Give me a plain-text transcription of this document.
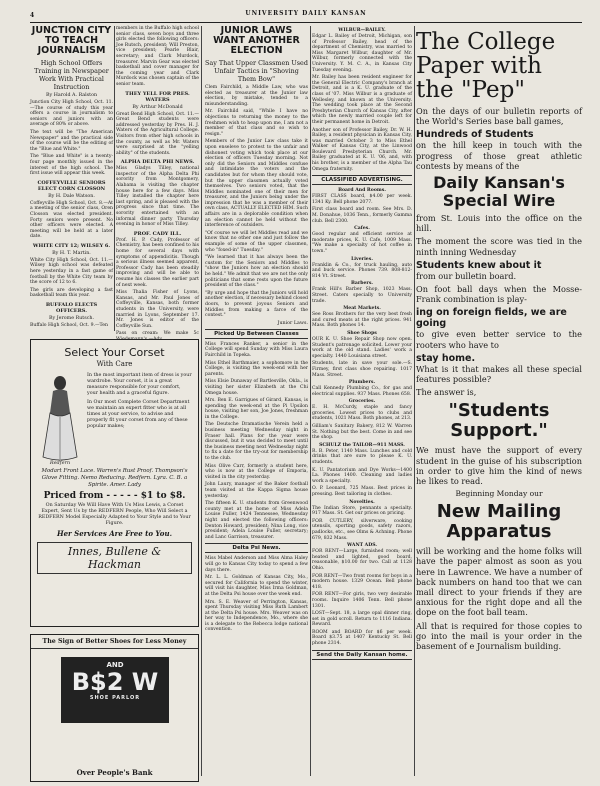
4	UNIVERSITY DAILY KANSAN
JUNCTION CITY TO TEACH JOURNALISM
High School Offers Training in Newspaper Work With Practical Instruction
By Harold A. Ralston

Junction City High School, Oct. 11.—The course of study this year offers a course in journalism to seniors and juniors with an average of 80% or above.

The text will be "The American Newspaper" and the practical side of the course will be the editing of the "Blue and White."

The "Blue and White" is a twenty-four page monthly issued in the interest of the high school. The first issue will appear this week.

COFFEYVILLE SENIORS ELECT CORN CLOSSON
By H. Dale Watson.

Coffeyville High School, Oct. 8.—At a meeting of the senior class, Oren Closson was elected president. Forty seniors were present. No other officers were elected. A meeting will be held at a later date.

WHITE CITY 12; WILSEY 6.
By H. T. Martin.

White City High School, Oct. 11.—Wilsey high school was defeated here yesterday in a fast game of football by the White City team by the score of 12 to 6.

The girls are developing a fast basketball team this year.

BUFFALO ELECTS OFFICERS.
By Jerome Rutsch.

Buffalo High School, Oct. 9.—Ten

members in the Buffalo high school senior class, seven boys and three girls elected the following officers: Joe Rutsch, president; Will Preston, vice president; Pearle Blair, secretary; and Clark Murdock, treasurer. Marvin Gear was elected basketball and cover manager for the coming year and Clark Murdock was chosen captain of the senior team.

THEY YELL FOR PRES. WATERS
By Arthur McDonald

Great Bend High School, Oct. 11.—Great Bend students were addressed yesterday by Pres. H. J. Waters of the Agricultural College. Visitors from other high schools in the county, as well as Mr. Waters were surprised at the "yelling ability" of the students.

ALPHA DELTA PHI NEWS.

Miss Gladys Tilley, national inspector of the Alpha Delta Phi sorority from Montgomery, Alabama is visiting the chapter house here for a few days. Miss Tilley installed the chapter here last spring, and is pleased with the progress since that time. The sorority entertained with an informal dinner party Thursday evening in honor of Miss Tilley.

PROF. CADY ILL.

Prof. H. P. Cady, Professor of Chemistry, has been confined to his home for several days with symptoms of appendicitis. Though a serious illness seemed apparent, Professor Cady has been steadily improving and will be able to resume his classes the earlier part of next week.

Miss Thalia Fisher of Lyons, Kansas, and Mr. Paul Jones of Coffeyville, Kansas, both former students in the University, were married in Lyons, September 17. Mr. Jones is editor of the Coffeyville Sun.

Pass on cream: We make 5c

Select Your Corset
With Care
Redfern

In the most important item of dress is your wardrobe. Your corset, it is a great measure responsible for your comfort, your health and a graceful figure.

In Our most Complete Corset Department we maintain an expert fitter who is at all times at your service, to advise and properly fit your corset from any of these popular makes;

Modart Front Lace. Warren's Rust Proof. Thompson's Glove Fitting. Nemo Reducing. Redfern. Lyra. C. B. a Spirite. Amer. Lady
Priced from - - - - - $1 to $8.
On Saturday We Will Have With Us Miss Lewis, a Corset Expert, Sent Us by the REDFERN People, Who Will Select a REDFERN Model Especially Adapted to Your Style and to Your Figure.
Her Services Are Free to You.
Innes, Bullene & Hackman
The Sign of Better Shoes for Less Money
AND
B$2 W
SHOE PARLOR
Over People's Bank
JUNIOR LAWS WANT ANOTHER ELECTION
Say That Upper Classmen Used Unfair Tactics in "Shoving Them Bow"

Clem Fairchild, a Middle Law, who was elected as treasurer at the Junior law election, by mistake, tended to a misunderstanding.

Mr. Fairchild said, "While I have no objections to returning the money to the freshmen wish to heap upon me, I am not a member of that class and so wish to resign."

Members of the Junior Law class take it upon enseleve to protest to the unfair and dishonest voting which took place at our election of officers Tuesday morning. Not only did the Seniors and Middles confuse and intimidate the voters and the candidates but for whom they should vote, but the upper classmen actually voted themselves. Two seniors voted, that the Middles nominated one of their men for treasurer, and the Juniors being under the impression that he was a member of their own class, ACTUALLY ELECTED HIM. Such affairs are in a deplorable condition when an election cannot be held without the interference of outsiders.

"Of course we will let Middles read and we know that no other one and just follow the example of some of the upper classmen, who "foxed-in" Tuesday."

"We learned that it has always been the custom for the Seniors and Middles to "show the Juniors how an election should be held." We admit that we are not the only politicians that some rests upon the future president of the class."

"By urge and hope that the Juniors will hold another election, if necessary behind closed doors, to prevent joyous Seniors and Middles from making a farce of the contest."

Junior Laws.
Picked Up Between Classes

Miss Frances Ranker, a senior in the College will spend Sunday with Miss Laura Fairchild in Topeka.

Miss Ethel Barthmaier, a sophomore in the College, is visiting the week-end with her parents.

Miss Elsie Dunaway of Bartlesville, Okla., is visiting her sister Elizabeth at the Chi Omega house.

Mrs. Ben E. Garrigues of Girard, Kansas, is spending the week-end at the Pi Upsilon house, visiting her son, Joe Jones, freshman in the College.

The Deutsche Dramatische Verein held a business meeting Wednesday night in Fraser hall. Plans for the year were discussed, but it was decided to meet until the business meeting next Wednesday night to fix a date for the try-out for membership to the club.

Miss Olive Carr, formerly a student here, who is now at the College of Emporia, visited in the city yesterday.

John Laury, manager of the Baker football team visited at the Kappa Sigma house yesterday.

The fifteen K. U. students from Greenwood county met at the home of Miss Adela Louise Fuller, 1424 Tennessee, Wednesday night and elected the following officers: Denton Howard, president; Nina Long, vice president; Adela Louise Fuller, secretary; and Lanc Garrison, treasurer.

Delta Psi News.

Miss Mabel Anderson and Miss Alma Haley will go to Kansas City today to spend a few days there.

Mr. L. L. Goldman of Kansas City, Mo., secured for California to spend the winter, will visit his daughter, Miss Irma Goldman, at the Delta Psi house over the week end.

Mrs. S. E. Weaver of Perrington, Kansas, spent Thursday visiting Miss Ruth Lambert at the Delta Psi house. Mrs. Weaver was on her way to Independence, Mo., where she is a delegate to the Rebecca lodge national convention.

WILBUR—BAILEY.

Edgar L. Bailey of Detroit, Michigan, son of Professor Bailey, head of the department of Chemistry, was married to Miss Margaret Wilbur, daughter of Mr. Wilbur, formerly connected with the University. Y. M. C. A., in Kansas City Tuesday evening.

Mr. Bailey has been resident engineer for the General Electric Company's branch at Detroit, and is a K. U. graduate of the class of '07. Miss Wilbur is a graduate of Wellesley, and known at the University. The wedding took place at the Second Presbyterian Church of Kansas City, after which the newly married couple left for their permanent home in Detroit.

Another son of Professor Bailey, Dr. W. H. Bailey, a resident physician in Kansas City, was married October 3 to Miss Ethel Walker of Kansas City, at the Linwood Boulevard Presbyterian Church. Mr. Bailey graduated at K. U. '06, and, with his brother, is a member of the Alpha Tau Omega fraternity.

CLASSIFIED ADVERTISING.
Board And Rooms.

FIRST CLASS board, $4.00 per week. 1341 Ky. Bell phone 2077.

First class board and room. See Mrs. D. M. Donahue, 1036 Tenn., formerly Gamma club. Bell 2300.

Cafes.

Good regular and efficient service at moderate prices, K. U. Cafe, 1009 Mass. "We make a specialty of hot coffee in town."

Liveries.

Franklin & Co., for truck hauling, auto and buck service. Phones 739. 808-812-814 Vt. Street.

Barbers.

Frank Hill's Barber Shop, 1023 Mass. Street. Caters specially to University trade.

Meat Markets.

See Ross Brothers for the very best fresh and cured meats at the right prices. 941 Mass. Both phones 14.

Shoe Shops

OUR K. U. Shoe Repair Shop now open. Student's patronage solicited. Lower your work at the old stand. Ladies' work a specialty. 1440 Louisiana street.

Students, late in save your sole.—S. Firmey, first class shoe repairing. 1017 Mass. Street.

Plumbers.

Call Kennedy Plumbing Co., for gas and electrical supplies. 937 Mass. Phones 658.

Groceries.

E. H. McCurdy, staple and fancy groceries. Lowest prices to clubs and students, 1021 Mass. Both phones, at 213.

Gilliam's Sanitary Bakery, 812 W. Warren St. Nothing but the best. Come in and see the shop.

SCHULZ the TAILOR—911 MASS.

R. B. Peter, 1140 Mass. Lunches and cold drinks that are sure to please K. U. students.

K. U. Pantatorium and Dye Works—1400 La. Phones 1400. Cleaning and ladies work a specialty.

O. P. Leonard, 725 Mass. Best prices in pressing. Best tailoring in clothes.

Novelties.

The Indian Store, pennants a specialty. 917 Mass. St. Get our prices on pricing.

FOR CUTLERY, silverware, cooking utensils, sporting goods, safety razors, padlocks, etc., see Olms & Achning. Phone 679, 832 Mass.

WANT ADS.

FOR RENT—Large, furnished room; well heated and lighted, good board, reasonable, $10.00 for two. Call at 1128 Ohio.

FOR RENT—Two front rooms for boys in a modern house. 1329 Ocean. Bell phone 418.

FOR RENT—For girls, two very desirable rooms. Inquire 1406 Tenn. Bell phone 1301.

LOST—Sept. 18, a large opal dinner ring, set in gold scroll. Return to 1116 Indiana. Reward.

ROOM and BOARD for $6 per week. Board $3.75 at 1407 Kentucky St. Bell phone 2314.

Send the Daily Kansan home.
The College Paper with the "Pep"

On the days of our bulletin reports of the World's Series base ball games,

Hundreds of Students

on the hill keep in touch with the progress of those great athletic contests by means of the

Daily Kansan's Special Wire

from St. Louis into the office on the hill.

The moment the score was tied in the ninth inning Wednesday

Students knew about it

from our bulletin board.

On foot ball days when the Mosse-Frank combination is play-

ing on foreign fields, we are going

to give even better service to the rooters who have to

stay home.

What is it that makes all these special features possible?

The answer is,

"Students Support."

We must have the support of every student in the guise of his subscription in order to give him the kind of news he likes to read.

Beginning Monday our
New Mailing Apparatus

will be working and the home folks will have the paper almost as soon as you here in Lawrence. We have a number of back numbers on hand too that we can mail direct to your friends if they are anxious for the right dope and all the dope on the foot ball team.

All that is required for those copies to go into the mail is your order in the basement of e Journalism building.
